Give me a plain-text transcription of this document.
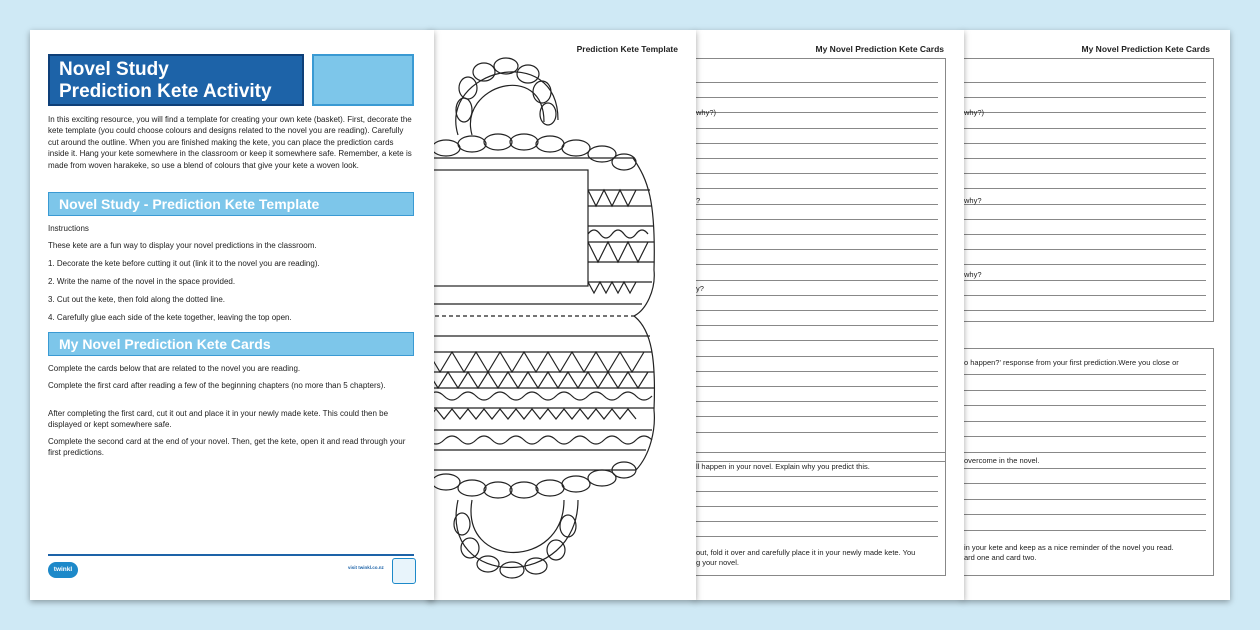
My Novel Prediction Kete Cards
why?)
why?
why?
o happen?' response from your first prediction.Were you close or
overcome in the novel.
in your kete and keep as a nice reminder of the novel you read.
ard one and card two.
My Novel Prediction Kete Cards
why?)
?
y?
ll happen in your novel. Explain why you predict this.
out, fold it over and carefully place it in your newly made kete. You
g your novel.
Prediction Kete Template
Novel Study
Prediction Kete Activity
In this exciting resource, you will find a template for creating your own kete (basket). First, decorate the kete template (you could choose colours and designs related to the novel you are reading). Carefully cut around the outline. When you are finished making the kete, you can place the prediction cards inside it. Hang your kete somewhere in the classroom or keep it somewhere safe. Remember, a kete is made from woven harakeke, so use a blend of colours that give your kete a woven look.
Novel Study - Prediction Kete Template
Instructions
These kete are a fun way to display your novel predictions in the classroom.
1. Decorate the kete before cutting it out (link it to the novel you are reading).
2. Write the name of the novel in the space provided.
3. Cut out the kete, then fold along the dotted line.
4. Carefully glue each side of the kete together, leaving the top open.
My Novel Prediction Kete Cards
Complete the cards below that are related to the novel you are reading.
Complete the first card after reading a few of the beginning chapters (no more than 5 chapters).
After completing the first card, cut it out and place it in your newly made kete. This could then be displayed or kept somewhere safe.
Complete the second card at the end of your novel. Then, get the kete, open it and read through your first predictions.
twinkl	visit twinkl.co.nz
